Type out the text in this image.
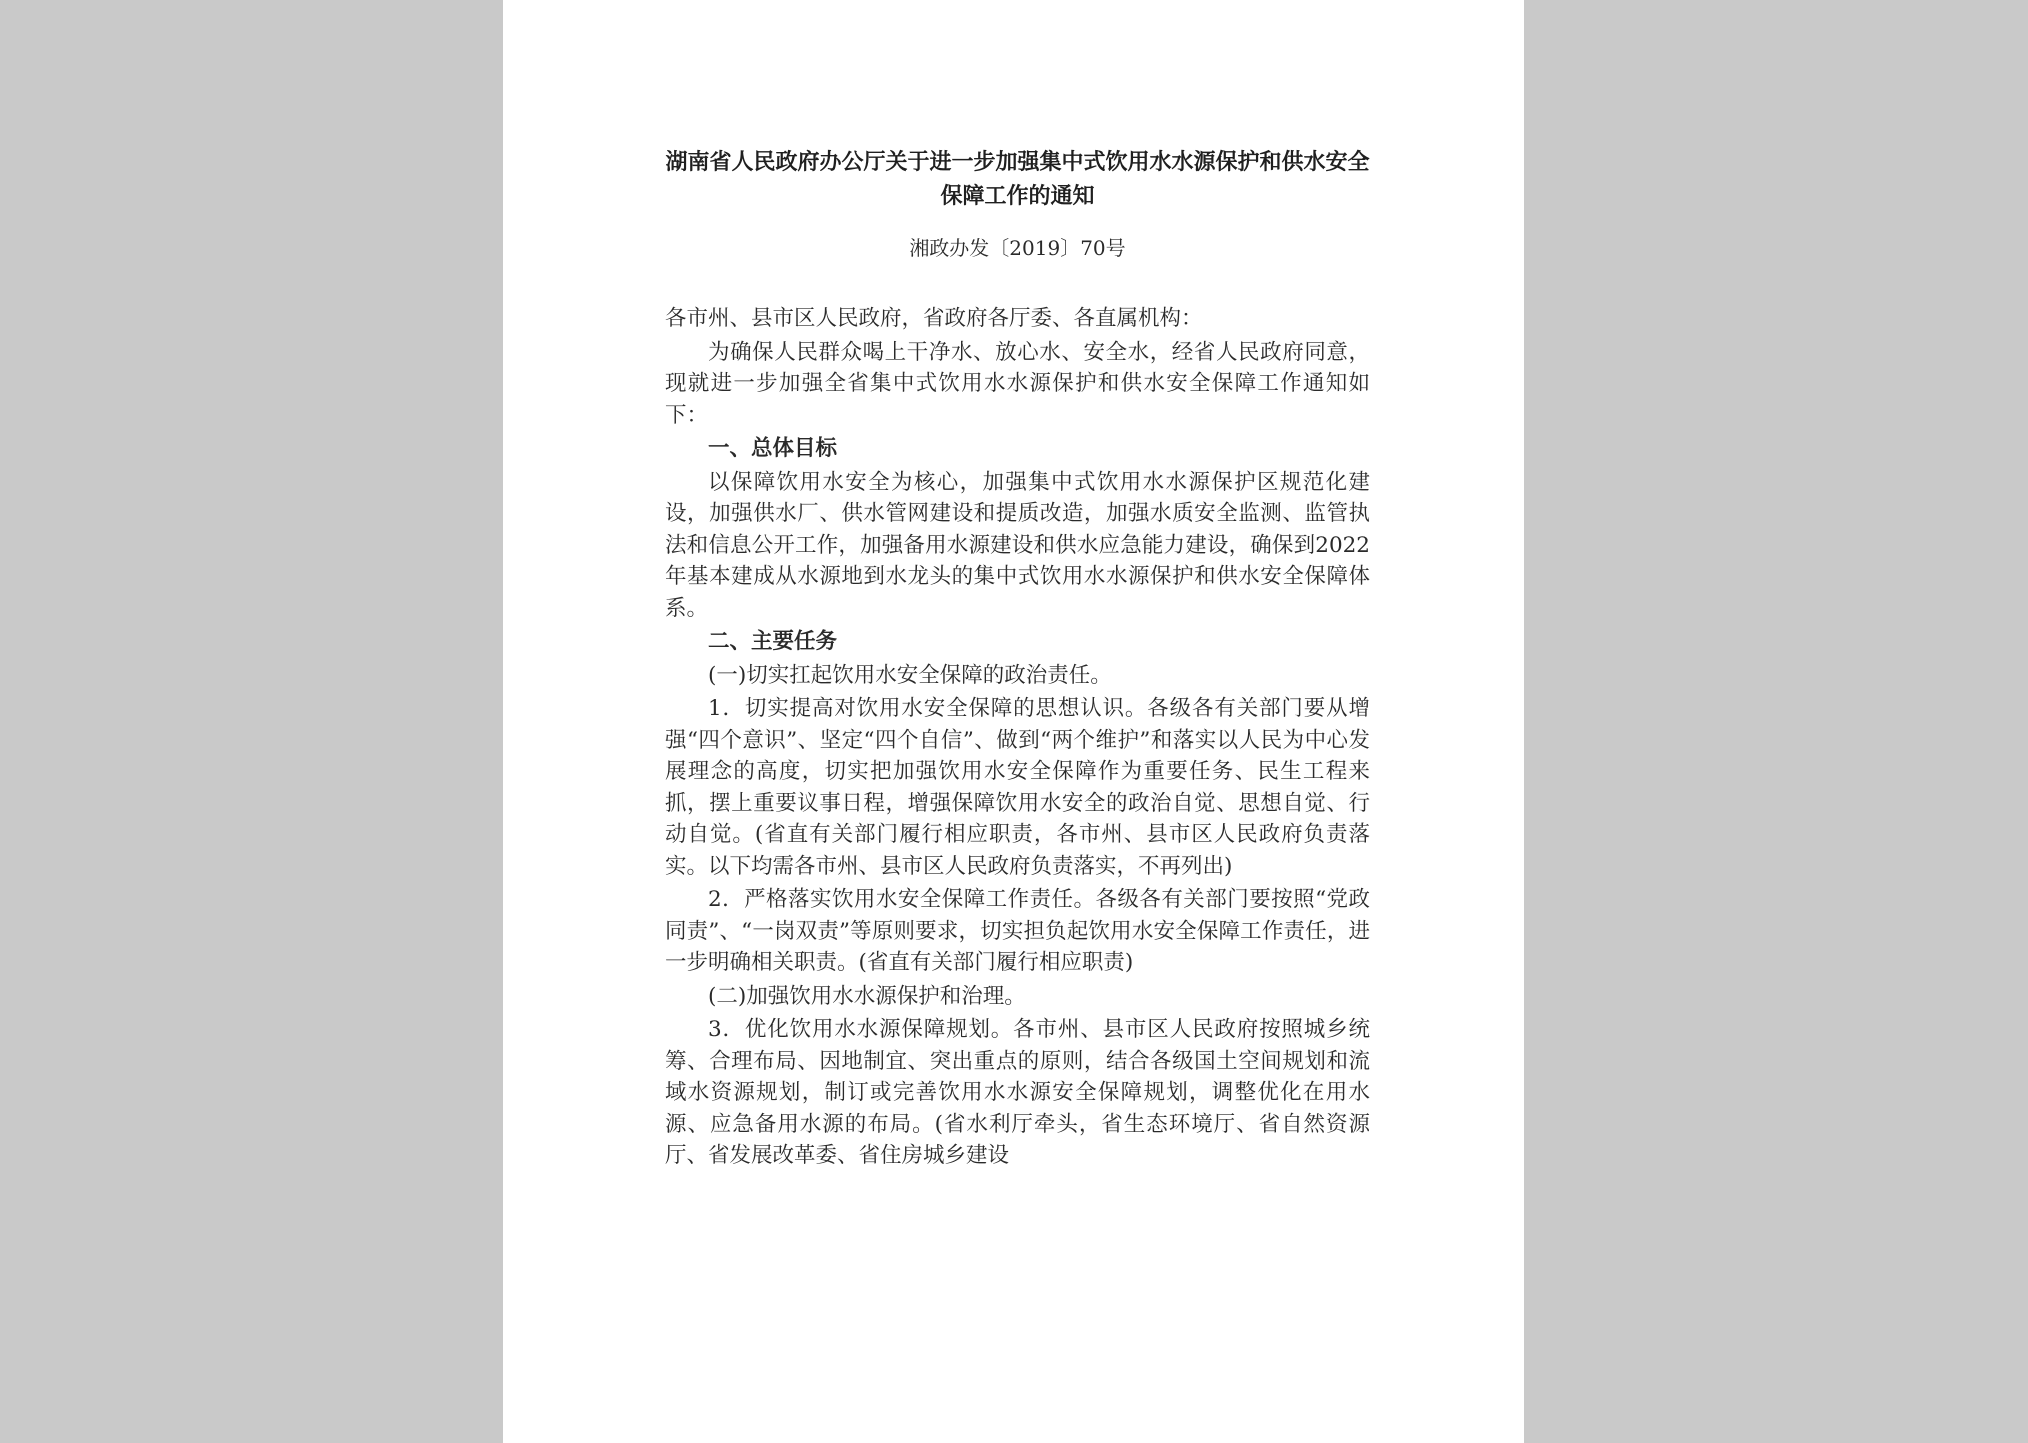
湖南省人民政府办公厅关于进一步加强集中式饮用水水源保护和供水安全保障工作的通知
湘政办发〔2019〕70号

各市州、县市区人民政府，省政府各厅委、各直属机构：

为确保人民群众喝上干净水、放心水、安全水，经省人民政府同意，现就进一步加强全省集中式饮用水水源保护和供水安全保障工作通知如下：

一、总体目标

以保障饮用水安全为核心，加强集中式饮用水水源保护区规范化建设，加强供水厂、供水管网建设和提质改造，加强水质安全监测、监管执法和信息公开工作，加强备用水源建设和供水应急能力建设，确保到2022年基本建成从水源地到水龙头的集中式饮用水水源保护和供水安全保障体系。

二、主要任务

(一)切实扛起饮用水安全保障的政治责任。

1．切实提高对饮用水安全保障的思想认识。各级各有关部门要从增强“四个意识”、坚定“四个自信”、做到“两个维护”和落实以人民为中心发展理念的高度，切实把加强饮用水安全保障作为重要任务、民生工程来抓，摆上重要议事日程，增强保障饮用水安全的政治自觉、思想自觉、行动自觉。(省直有关部门履行相应职责，各市州、县市区人民政府负责落实。以下均需各市州、县市区人民政府负责落实，不再列出)

2．严格落实饮用水安全保障工作责任。各级各有关部门要按照“党政同责”、“一岗双责”等原则要求，切实担负起饮用水安全保障工作责任，进一步明确相关职责。(省直有关部门履行相应职责)

(二)加强饮用水水源保护和治理。

3．优化饮用水水源保障规划。各市州、县市区人民政府按照城乡统筹、合理布局、因地制宜、突出重点的原则，结合各级国土空间规划和流域水资源规划，制订或完善饮用水水源安全保障规划，调整优化在用水源、应急备用水源的布局。(省水利厅牵头，省生态环境厅、省自然资源厅、省发展改革委、省住房城乡建设
